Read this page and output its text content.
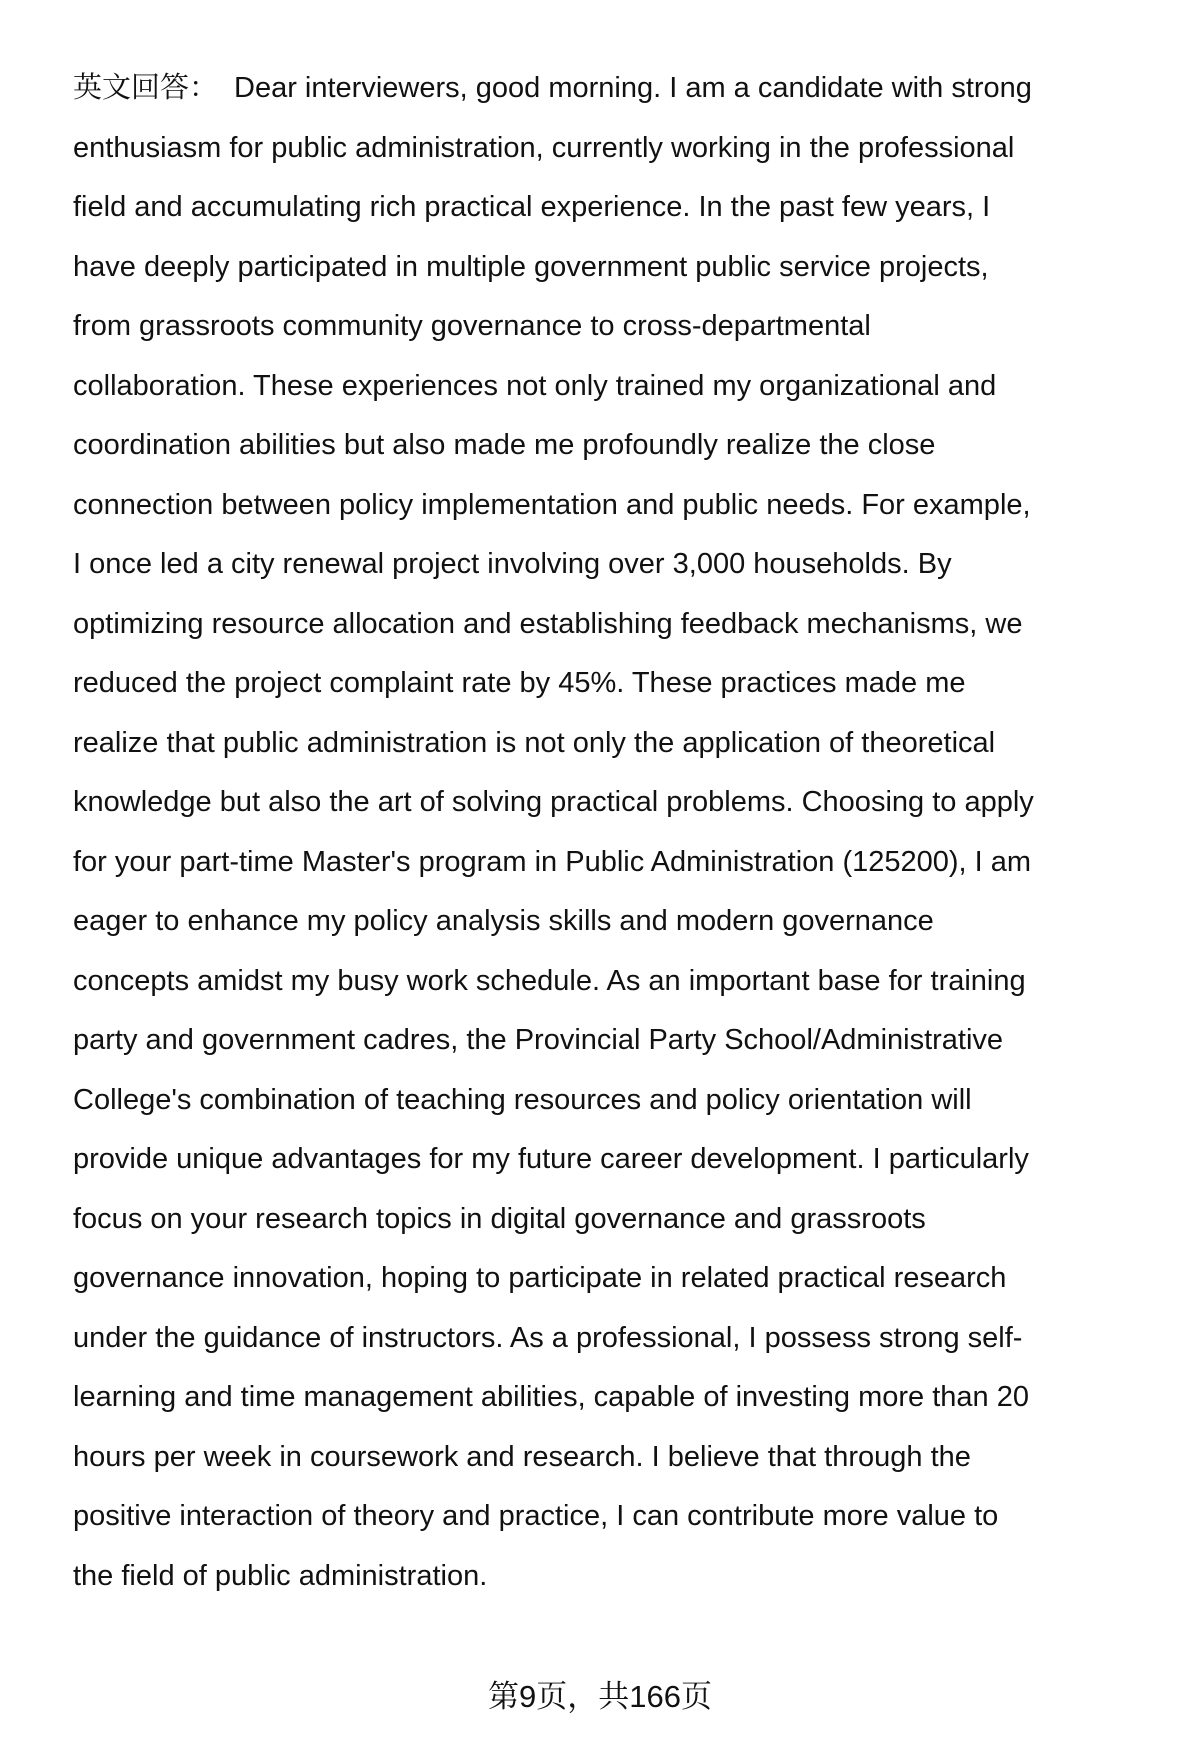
英文回答： Dear interviewers, good morning. I am a candidate with strong
enthusiasm for public administration, currently working in the professional
field and accumulating rich practical experience. In the past few years, I
have deeply participated in multiple government public service projects,
from grassroots community governance to cross-departmental
collaboration. These experiences not only trained my organizational and
coordination abilities but also made me profoundly realize the close
connection between policy implementation and public needs. For example,
I once led a city renewal project involving over 3,000 households. By
optimizing resource allocation and establishing feedback mechanisms, we
reduced the project complaint rate by 45%. These practices made me
realize that public administration is not only the application of theoretical
knowledge but also the art of solving practical problems. Choosing to apply
for your part-time Master's program in Public Administration (125200), I am
eager to enhance my policy analysis skills and modern governance
concepts amidst my busy work schedule. As an important base for training
party and government cadres, the Provincial Party School/Administrative
College's combination of teaching resources and policy orientation will
provide unique advantages for my future career development. I particularly
focus on your research topics in digital governance and grassroots
governance innovation, hoping to participate in related practical research
under the guidance of instructors. As a professional, I possess strong self-
learning and time management abilities, capable of investing more than 20
hours per week in coursework and research. I believe that through the
positive interaction of theory and practice, I can contribute more value to
the field of public administration.
第9页，共166页
